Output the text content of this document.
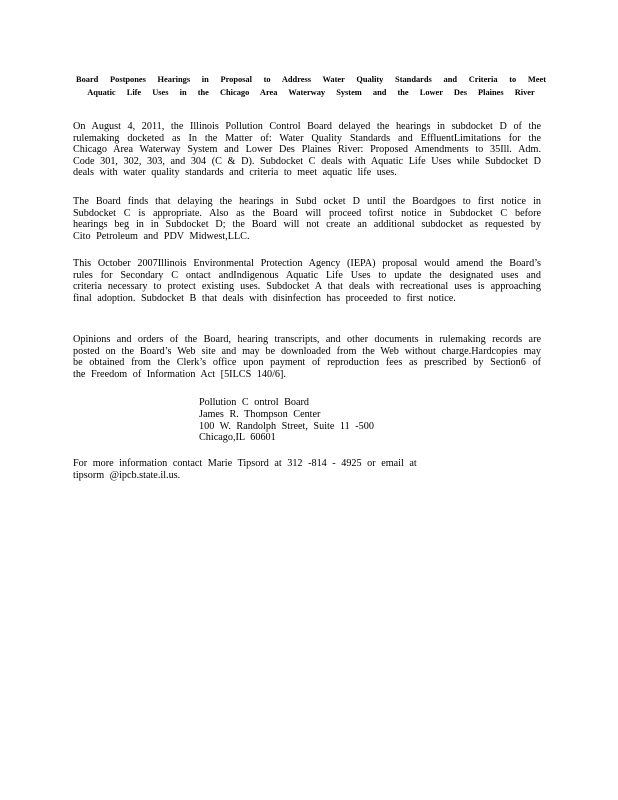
Board Postpones Hearings in Proposal to Address Water Quality Standards and Criteria to Meet Aquatic Life Uses in the Chicago Area Waterway System and the Lower Des Plaines River

On August 4, 2011, the Illinois Pollution Control Board delayed the hearings in subdocket D of the rulemaking docketed as In the Matter of: Water Quality Standards and EffluentLimitations for the Chicago Area Waterway System and Lower Des Plaines River: Proposed Amendments to 35Ill. Adm. Code 301, 302, 303, and 304 (C & D). Subdocket C deals with Aquatic Life Uses while Subdocket D deals with water quality standards and criteria to meet aquatic life uses.

The Board finds that delaying the hearings in Subd ocket D until the Boardgoes to first notice in Subdocket C is appropriate. Also as the Board will proceed tofirst notice in Subdocket C before hearings beg in in Subdocket D; the Board will not create an additional subdocket as requested by Cito Petroleum and PDV Midwest,LLC.

This October 2007Illinois Environmental Protection Agency (IEPA) proposal would amend the Board’s rules for Secondary C ontact andIndigenous Aquatic Life Uses to update the designated uses and criteria necessary to protect existing uses. Subdocket A that deals with recreational uses is approaching final adoption. Subdocket B that deals with disinfection has proceeded to first notice.

Opinions and orders of the Board, hearing transcripts, and other documents in rulemaking records are posted on the Board’s Web site and may be downloaded from the Web without charge.Hardcopies may be obtained from the Clerk’s office upon payment of reproduction fees as prescribed by Section6 of the Freedom of Information Act [5ILCS 140/6].

Pollution C ontrol Board
James R. Thompson Center
100 W. Randolph Street, Suite 11 -500
Chicago,IL 60601

For more information contact Marie Tipsord at 312 -814 - 4925 or email at tipsorm @ipcb.state.il.us.
